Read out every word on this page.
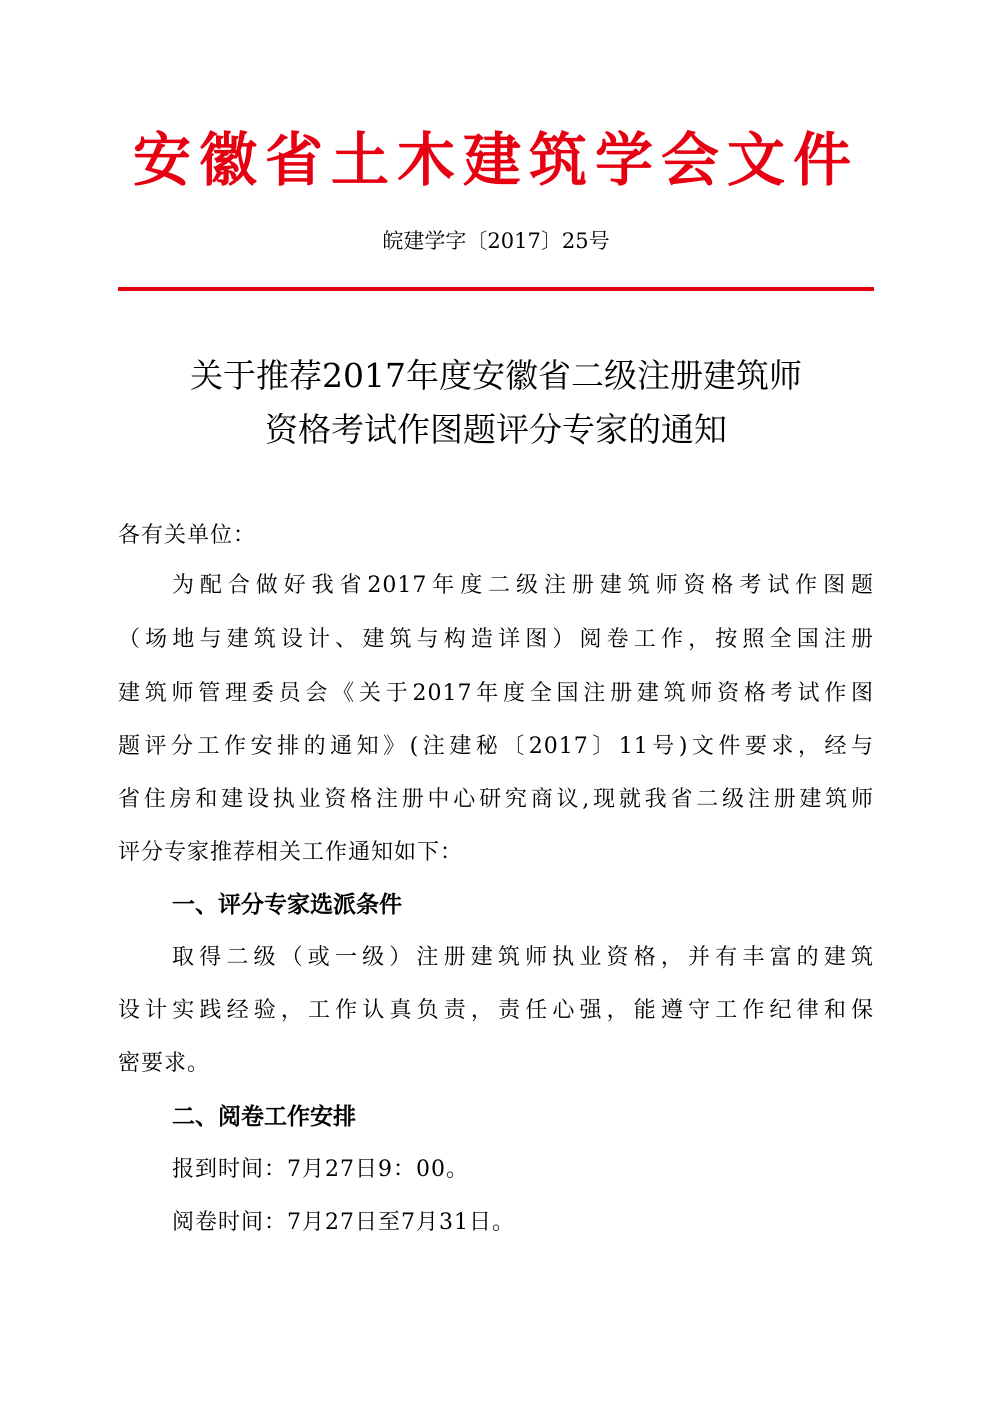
安徽省土木建筑学会文件
皖建学字〔2017〕25号
关于推荐2017年度安徽省二级注册建筑师
资格考试作图题评分专家的通知
各有关单位：
为配合做好我省2017年度二级注册建筑师资格考试作图题
（场地与建筑设计、建筑与构造详图）阅卷工作，按照全国注册
建筑师管理委员会《关于2017年度全国注册建筑师资格考试作图
题评分工作安排的通知》(注建秘〔2017〕11号)文件要求，经与
省住房和建设执业资格注册中心研究商议,现就我省二级注册建筑师
评分专家推荐相关工作通知如下：
一、评分专家选派条件
取得二级（或一级）注册建筑师执业资格，并有丰富的建筑
设计实践经验，工作认真负责，责任心强，能遵守工作纪律和保
密要求。
二、阅卷工作安排
报到时间：7月27日9：00。
阅卷时间：7月27日至7月31日。
